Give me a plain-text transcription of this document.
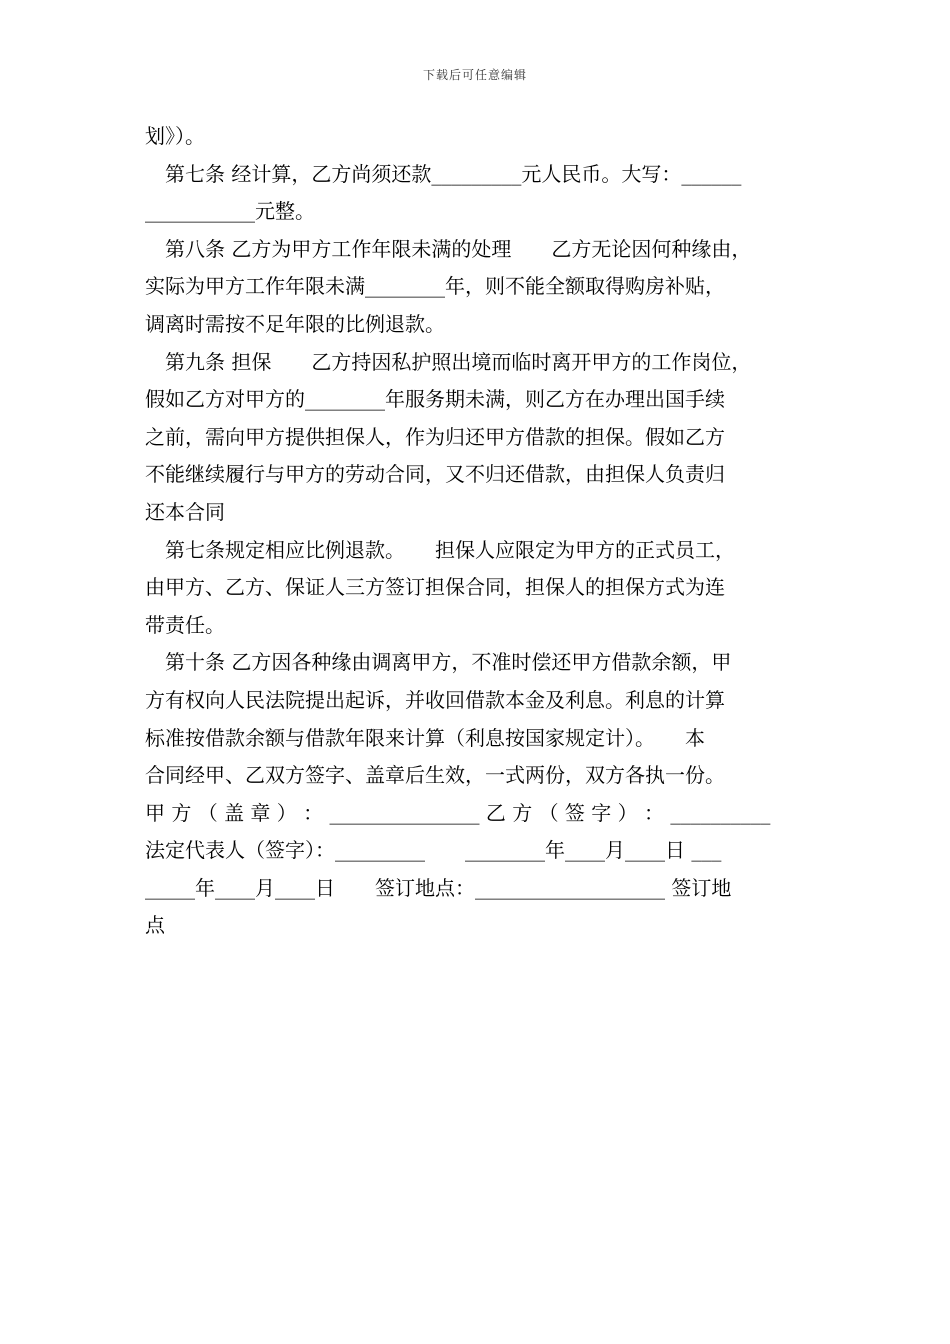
下载后可任意编辑
划》）。
第七条 经计算，乙方尚须还款_________元人民币。大写：______
___________元整。
第八条 乙方为甲方工作年限未满的处理　　乙方无论因何种缘由，
实际为甲方工作年限未满________年，则不能全额取得购房补贴，
调离时需按不足年限的比例退款。
第九条 担保　　乙方持因私护照出境而临时离开甲方的工作岗位，
假如乙方对甲方的________年服务期未满，则乙方在办理出国手续
之前，需向甲方提供担保人，作为归还甲方借款的担保。假如乙方
不能继续履行与甲方的劳动合同，又不归还借款，由担保人负责归
还本合同
第七条规定相应比例退款。　　担保人应限定为甲方的正式员工，
由甲方、乙方、保证人三方签订担保合同，担保人的担保方式为连
带责任。
第十条 乙方因各种缘由调离甲方，不准时偿还甲方借款余额，甲
方有权向人民法院提出起诉，并收回借款本金及利息。利息的计算
标准按借款余额与借款年限来计算（利息按国家规定计）。　　本
合同经甲、乙双方签字、盖章后生效，一式两份，双方各执一份。
甲 方 （ 盖 章 ） ： _______________ 乙 方 （ 签 字 ） ： __________
法定代表人（签字）：_________　　________年____月____日 ___
_____年____月____日　　签订地点：___________________ 签订地
点
